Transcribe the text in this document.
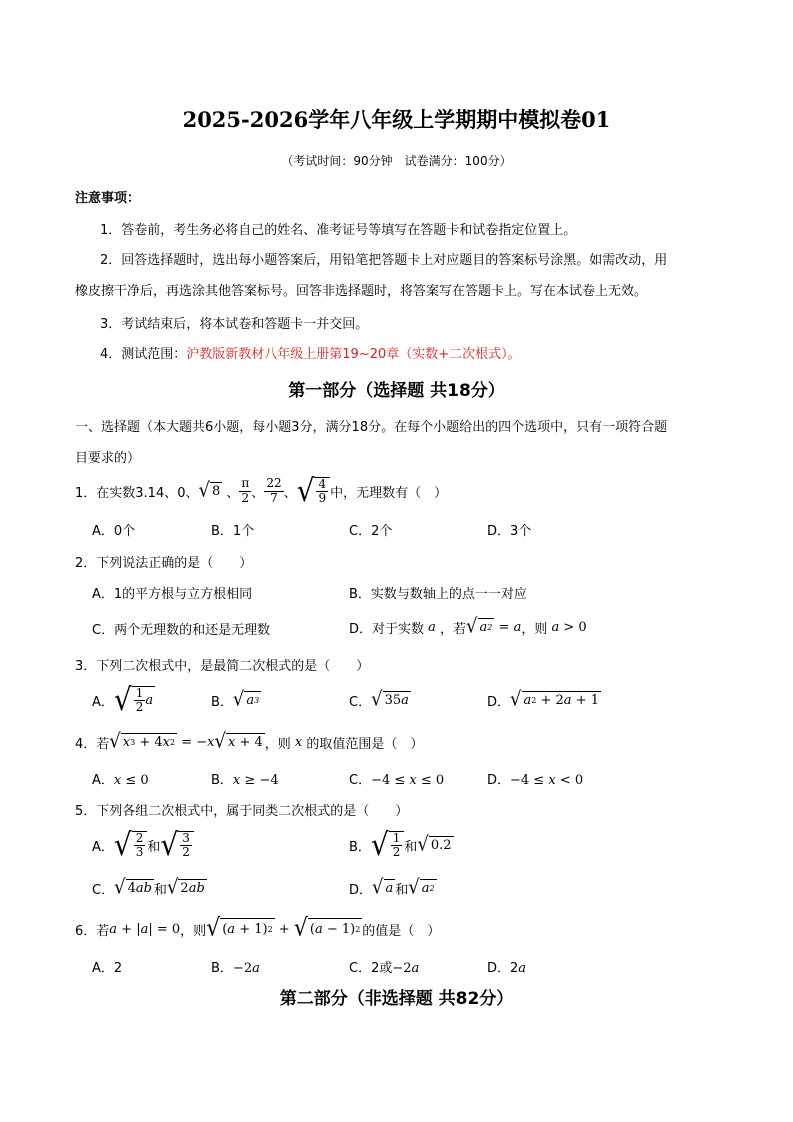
2025-2026学年八年级上学期期中模拟卷01
（考试时间：90分钟　试卷满分：100分）
注意事项：
1．答卷前，考生务必将自己的姓名、准考证号等填写在答题卡和试卷指定位置上。
2．回答选择题时，选出每小题答案后，用铅笔把答题卡上对应题目的答案标号涂黑。如需改动，用
橡皮擦干净后，再选涂其他答案标号。回答非选择题时，将答案写在答题卡上。写在本试卷上无效。
3．考试结束后，将本试卷和答题卡一并交回。
4．测试范围：沪教版新教材八年级上册第19~20章（实数+二次根式）。
第一部分（选择题 共18分）
一、选择题（本大题共6小题，每小题3分，满分18分。在每个小题给出的四个选项中，只有一项符合题
目要求的）
1．在实数3.14、0、 √ 8 、 $\frac{\pi}{2}$ 、 $\frac{22}{7}$ 、 √ $\frac{4}{9}$ 中，无理数有（　）
A．0个	B．1个	C．2个	D．3个
2．下列说法正确的是（　　）
A．1的平方根与立方根相同	B．实数与数轴上的点一一对应
C．两个无理数的和还是无理数	D．对于实数 a ，若 √ a 2 = a ，则 a > 0
3．下列二次根式中，是最简二次根式的是（　　）
A． √ $\frac{1}{2}$ a	B． √ a 3	C． √ 35 a	D． √ a 2 + 2 a + 1
4．若 √ x 3 + 4 x 2 = − x √ x + 4 ，则 x 的取值范围是（　）
A．x ≤ 0	B．x ≥ −4	C．−4 ≤ x ≤ 0	D．−4 ≤ x < 0
5．下列各组二次根式中，属于同类二次根式的是（　　）
A． √ $\frac{2}{3}$ 和 √ $\frac{3}{2}$	B． √ $\frac{1}{2}$ 和 √ 0.2
C． √ 4 ab 和 √ 2 ab	D． √ a 和 √ a 2
6．若 a + | a | = 0 ，则 √ ( a + 1) 2 + √ ( a − 1) 2 的值是（　）
A．2	B．−2a	C．2或−2a	D．2a
第二部分（非选择题 共82分）
